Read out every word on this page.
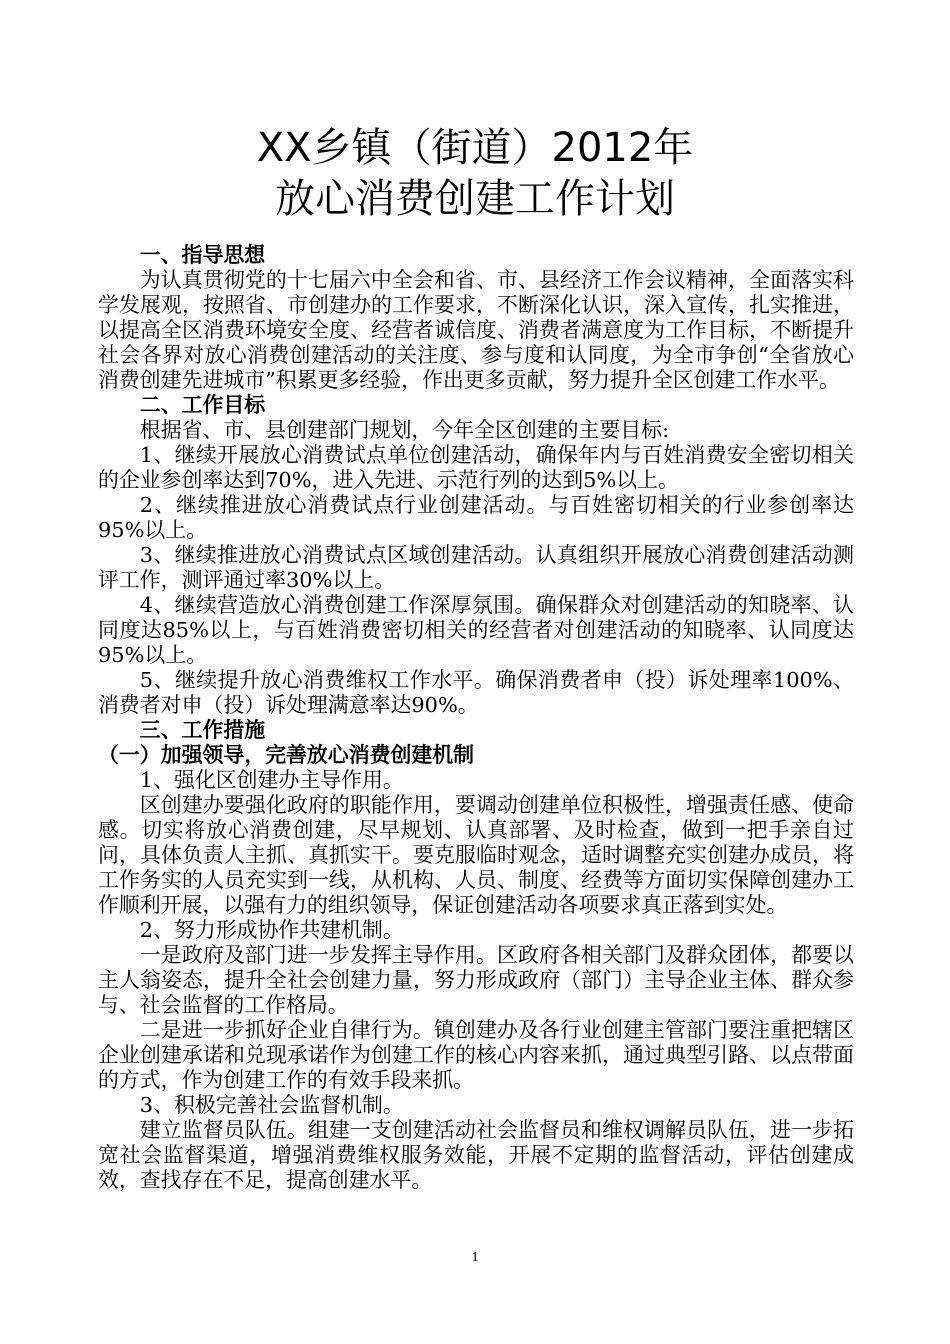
XX乡镇（街道）2012年
放心消费创建工作计划

一、指导思想

为认真贯彻党的十七届六中全会和省、市、县经济工作会议精神，全面落实科学发展观，按照省、市创建办的工作要求，不断深化认识，深入宣传，扎实推进，以提高全区消费环境安全度、经营者诚信度、消费者满意度为工作目标，不断提升社会各界对放心消费创建活动的关注度、参与度和认同度，为全市争创“全省放心消费创建先进城市”积累更多经验，作出更多贡献，努力提升全区创建工作水平。

二、工作目标

根据省、市、县创建部门规划，今年全区创建的主要目标:

1、继续开展放心消费试点单位创建活动，确保年内与百姓消费安全密切相关的企业参创率达到70%，进入先进、示范行列的达到5%以上。

2、继续推进放心消费试点行业创建活动。与百姓密切相关的行业参创率达95%以上。

3、继续推进放心消费试点区域创建活动。认真组织开展放心消费创建活动测评工作，测评通过率30%以上。

4、继续营造放心消费创建工作深厚氛围。确保群众对创建活动的知晓率、认同度达85%以上，与百姓消费密切相关的经营者对创建活动的知晓率、认同度达95%以上。

5、继续提升放心消费维权工作水平。确保消费者申（投）诉处理率100%、消费者对申（投）诉处理满意率达90%。

三、工作措施

（一）加强领导，完善放心消费创建机制

1、强化区创建办主导作用。

区创建办要强化政府的职能作用，要调动创建单位积极性，增强责任感、使命感。切实将放心消费创建，尽早规划、认真部署、及时检查，做到一把手亲自过问，具体负责人主抓、真抓实干。要克服临时观念，适时调整充实创建办成员，将工作务实的人员充实到一线，从机构、人员、制度、经费等方面切实保障创建办工作顺利开展，以强有力的组织领导，保证创建活动各项要求真正落到实处。

2、努力形成协作共建机制。

一是政府及部门进一步发挥主导作用。区政府各相关部门及群众团体，都要以主人翁姿态，提升全社会创建力量，努力形成政府（部门）主导企业主体、群众参与、社会监督的工作格局。

二是进一步抓好企业自律行为。镇创建办及各行业创建主管部门要注重把辖区企业创建承诺和兑现承诺作为创建工作的核心内容来抓，通过典型引路、以点带面的方式，作为创建工作的有效手段来抓。

3、积极完善社会监督机制。

建立监督员队伍。组建一支创建活动社会监督员和维权调解员队伍，进一步拓宽社会监督渠道，增强消费维权服务效能，开展不定期的监督活动，评估创建成效，查找存在不足，提高创建水平。

1
